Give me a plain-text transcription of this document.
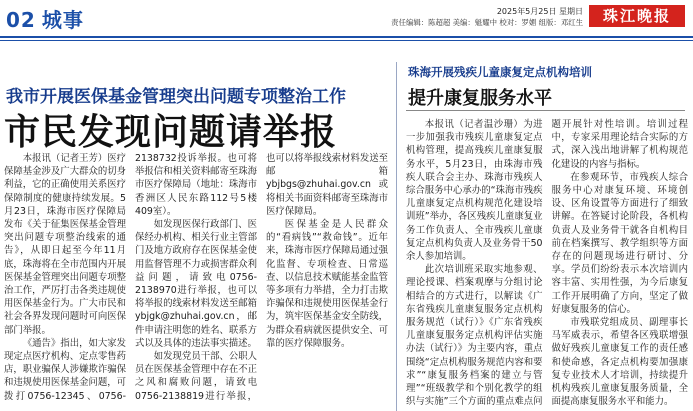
02 城事	2025年5月25日 星期日
责任编辑：陈超超 美编：魁耀中 校对：罗媚 组版：邓红生	珠江晚报
我市开展医保基金管理突出问题专项整治工作
市民发现问题请举报

本报讯（记者王芳）医疗保障基金涉及广大群众的切身利益，它的正确使用关系医疗保障制度的健康持续发展。5月23日，珠海市医疗保障局发布《关于征集医保基金管理突出问题专项整治线索的通告》，从即日起至今年11月底，珠海将在全市范围内开展医保基金管理突出问题专项整治工作，严厉打击各类违规使用医保基金行为。广大市民和社会各界发现问题时可向医保部门举报。

《通告》指出，如大家发现定点医疗机构、定点零售药店，职业骗保人涉嫌欺诈骗保和违规使用医保基金问题，可拨打0756-12345、0756-2138732投诉举报。也可将举报信和相关资料邮寄至珠海市医疗保障局（地址：珠海市香洲区人民东路112号5楼409室）。

如发现医保行政部门、医保经办机构、相关行业主管部门及地方政府存在医保基金使用监督管理不力或损害群众利益问题，请致电0756-2138970进行举报，也可以将举报的线索材料发送至邮箱 ybjgk@zhuhai.gov.cn，邮件申请注明您的姓名、联系方式以及具体的违法事实描述。

如发现党员干部、公职人员在医保基金管理中存在不正之风和腐败问题，请致电0756-2138819进行举报，也可以将举报线索材料发送至邮箱 ybjbgs@zhuhai.gov.cn 或将相关书面资料邮寄至珠海市医疗保障局。

医保基金是人民群众的“看病钱”“救命钱”。近年来，珠海市医疗保障局通过强化监督、专项检查、日常巡查、以信息技术赋能基金监管等多项有力举措，全力打击欺诈骗保和违规使用医保基金行为，筑牢医保基金安全防线，为群众看病就医提供安全、可靠的医疗保障服务。

珠海开展残疾儿童康复定点机构培训
提升康复服务水平

本报讯（记者温沙珊）为进一步加强我市残疾儿童康复定点机构管理，提高残疾儿童康复服务水平，5月23日，由珠海市残疾人联合会主办、珠海市残疾人综合服务中心承办的“珠海市残疾儿童康复定点机构规范化建设培训班”举办，各区残疾儿童康复业务工作负责人、全市残疾儿童康复定点机构负责人及业务骨干50余人参加培训。

此次培训班采取实地参观、理论授课、档案观摩与分组讨论相结合的方式进行，以解读《广东省残疾儿童康复服务定点机构服务规范（试行）》《广东省残疾儿童康复服务定点机构评估实施办法（试行）》为主要内容，重点围绕“定点机构服务规范内容和要求”“康复服务档案的建立与管理”“班级教学和个别化教学的组织与实施”三个方面的重点难点问题开展针对性培训。培训过程中，专家采用理论结合实际的方式，深入浅出地讲解了机构规范化建设的内容与指标。

在参观环节，市残疾人综合服务中心对康复环境、环境创设、区角设置等方面进行了细致讲解。在答疑讨论阶段，各机构负责人及业务骨干就各自机构目前在档案撰写、教学组织等方面存在的问题现场进行研讨、分享。学员们纷纷表示本次培训内容丰富、实用性强，为今后康复工作开展明确了方向，坚定了做好康复服务的信心。

市残联党组成员、副理事长马军威表示，希望各区残联增强做好残疾儿童康复工作的责任感和使命感，各定点机构要加强康复专业技术人才培训，持续提升机构残疾儿童康复服务质量，全面提高康复服务水平和能力。
